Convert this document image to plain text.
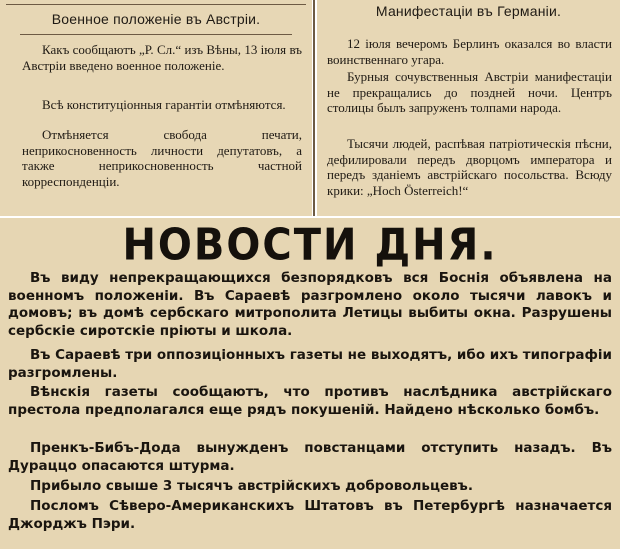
Военное положенiе въ Австрiи.

Какъ сообщаютъ „Р. Сл.“ изъ Вѣны, 13 iюля въ Австрiи введено военное положенiе.

Всѣ конституцiонныя гарантiи отмѣняются.

Отмѣняется свобода печати, неприкосновенность личности депутатовъ, а также неприкосновенность частной корреспонденцiи.

Манифестацiи въ Германiи.

12 iюля вечеромъ Берлинъ оказался во власти воинственнаго угара.

Бурныя сочувственныя Австрiи манифестацiи не прекращались до поздней ночи. Центръ столицы былъ запруженъ толпами народа.

Тысячи людей, распѣвая патрiотическiя пѣсни, дефилировали передъ дворцомъ императора и передъ зданiемъ австрiйскаго посольства. Всюду крики: „Hoch Österreich!“

НОВОСТИ ДНЯ.

Въ виду непрекращающихся безпорядковъ вся Боснiя объявлена на военномъ положенiи. Въ Сараевѣ разгромлено около тысячи лавокъ и домовъ; въ домѣ сербскаго митрополита Летицы выбиты окна. Разрушены сербскiе сиротскiе прiюты и школа.

Въ Сараевѣ три оппозицiонныхъ газеты не выходятъ, ибо ихъ типографiи разгромлены.

Вѣнскiя газеты сообщаютъ, что противъ наслѣдника австрiйскаго престола предполагался еще рядъ покушенiй. Найдено нѣсколько бомбъ.

Пренкъ-Бибъ-Дода вынужденъ повстанцами отступить назадъ. Въ Дураццо опасаются штурма.

Прибыло свыше 3 тысячъ австрiйскихъ добровольцевъ.

Посломъ Сѣверо-Американскихъ Штатовъ въ Петербургѣ назначается Джорджъ Пэри.
